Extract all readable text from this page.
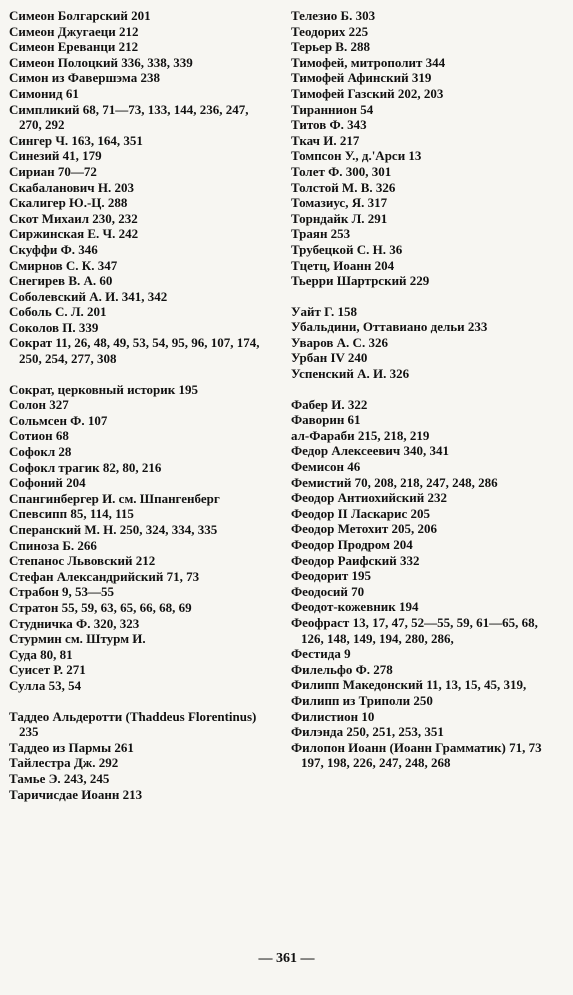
Симеон Болгарский 201
Симеон Джугаеци 212
Симеон Ереванци 212
Симеон Полоцкий 336, 338, 339
Симон из Фавершэма 238
Симонид 61
Симпликий 68, 71—73, 133, 144, 236, 247, 270, 292
Сингер Ч. 163, 164, 351
Синезий 41, 179
Сириан 70—72
Скабаланович Н. 203
Скалигер Ю.-Ц. 288
Скот Михаил 230, 232
Сиржинская Е. Ч. 242
Скуффи Ф. 346
Смирнов С. К. 347
Снегирев В. А. 60
Соболевский А. И. 341, 342
Соболь С. Л. 201
Соколов П. 339
Сократ 11, 26, 48, 49, 53, 54, 95, 96, 107, 174, 250, 254, 277, 308
Сократ, церковный историк 195
Солон 327
Сольмсен Ф. 107
Сотион 68
Софокл 28
Софокл трагик 82, 80, 216
Софоний 204
Спангинбергер И. см. Шпангенберг
Спевсипп 85, 114, 115
Сперанский М. Н. 250, 324, 334, 335
Спиноза Б. 266
Степанос Львовский 212
Стефан Александрийский 71, 73
Страбон 9, 53—55
Стратон 55, 59, 63, 65, 66, 68, 69
Студничка Ф. 320, 323
Стурмин см. Штурм И.
Суда 80, 81
Суисет Р. 271
Сулла 53, 54
Таддео Альдеротти (Thaddeus Florentinus) 235
Таддео из Пармы 261
Тайлестра Дж. 292
Тамье Э. 243, 245
Таричисдае Иоанн 213
Телезио Б. 303
Теодорих 225
Терьер В. 288
Тимофей, митрополит 344
Тимофей Афинский 319
Тимофей Газский 202, 203
Тираннион 54
Титов Ф. 343
Ткач И. 217
Томпсон У., д.'Арси 13
Толет Ф. 300, 301
Толстой М. В. 326
Томазиус, Я. 317
Торндайк Л. 291
Траян 253
Трубецкой С. Н. 36
Тцетц, Иоанн 204
Тьерри Шартрский 229
Уайт Г. 158
Убальдини, Оттавиано дельи 233
Уваров А. С. 326
Урбан IV 240
Успенский А. И. 326
Фабер И. 322
Фаворин 61
ал-Фараби 215, 218, 219
Федор Алексеевич 340, 341
Фемисон 46
Фемистий 70, 208, 218, 247, 248, 286
Феодор Антиохийский 232
Феодор II Ласкарис 205
Феодор Метохит 205, 206
Феодор Продром 204
Феодор Раифский 332
Феодорит 195
Феодосий 70
Феодот-кожевник 194
Феофраст 13, 17, 47, 52—55, 59, 61—65, 68, 126, 148, 149, 194, 280, 286,
Фестида 9
Филельфо Ф. 278
Филипп Македонский 11, 13, 15, 45, 319,
Филипп из Триполи 250
Филистион 10
Филэнда 250, 251, 253, 351
Филопон Иоанн (Иоанн Грамматик) 71, 73 197, 198, 226, 247, 248, 268
— 361 —
